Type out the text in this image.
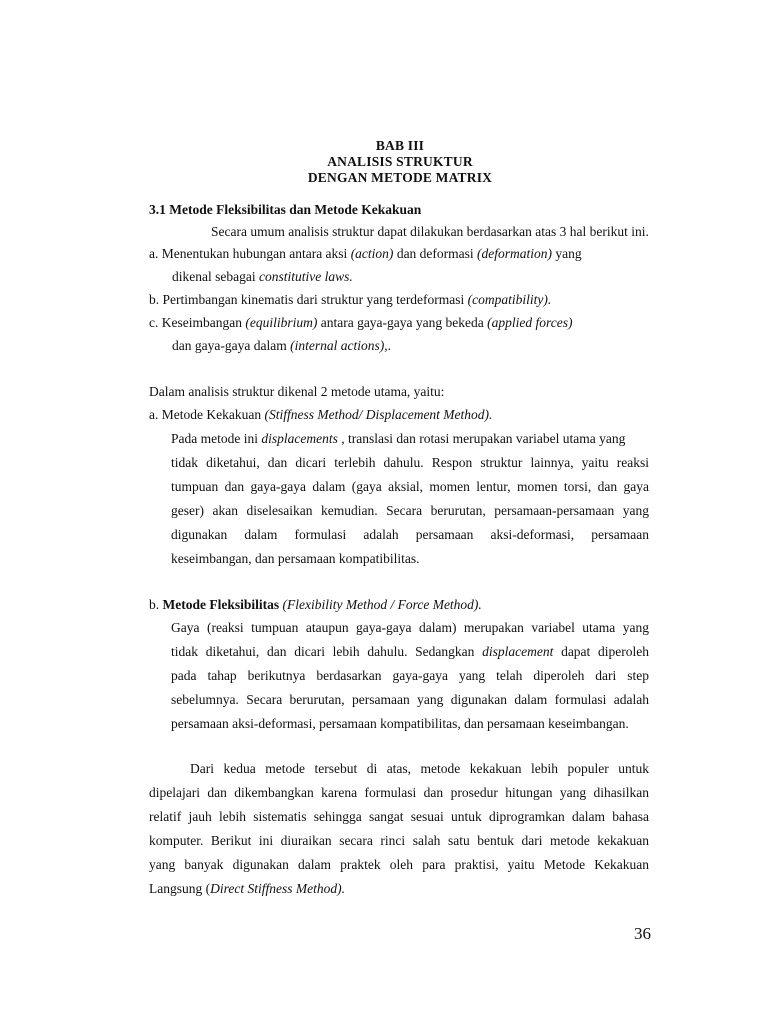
BAB III
ANALISIS STRUKTUR
DENGAN METODE MATRIX
3.1 Metode Fleksibilitas dan Metode Kekakuan
Secara umum analisis struktur dapat dilakukan berdasarkan atas 3 hal berikut ini.
a. Menentukan hubungan antara aksi (action) dan deformasi (deformation) yang
dikenal sebagai constitutive laws.
b. Pertimbangan kinematis dari struktur yang terdeformasi (compatibility).
c. Keseimbangan (equilibrium) antara gaya-gaya yang bekeda (applied forces)
dan gaya-gaya dalam (internal actions),.
Dalam analisis struktur dikenal 2 metode utama, yaitu:
a. Metode Kekakuan (Stiffness Method/ Displacement Method).
Pada metode ini displacements , translasi dan rotasi merupakan variabel utama yang
tidak diketahui, dan dicari terlebih dahulu. Respon struktur lainnya, yaitu reaksi
tumpuan dan gaya-gaya dalam (gaya aksial, momen lentur, momen torsi, dan gaya
geser) akan diselesaikan kemudian. Secara berurutan, persamaan-persamaan yang
digunakan dalam formulasi adalah persamaan aksi-deformasi, persamaan
keseimbangan, dan persamaan kompatibilitas.
b. Metode Fleksibilitas (Flexibility Method / Force Method).
Gaya (reaksi tumpuan ataupun gaya-gaya dalam) merupakan variabel utama yang
tidak diketahui, dan dicari lebih dahulu. Sedangkan displacement dapat diperoleh
pada tahap berikutnya berdasarkan gaya-gaya yang telah diperoleh dari step
sebelumnya. Secara berurutan, persamaan yang digunakan dalam formulasi adalah
persamaan aksi-deformasi, persamaan kompatibilitas, dan persamaan keseimbangan.
Dari kedua metode tersebut di atas, metode kekakuan lebih populer untuk
dipelajari dan dikembangkan karena formulasi dan prosedur hitungan yang dihasilkan
relatif jauh lebih sistematis sehingga sangat sesuai untuk diprogramkan dalam bahasa
komputer. Berikut ini diuraikan secara rinci salah satu bentuk dari metode kekakuan
yang banyak digunakan dalam praktek oleh para praktisi, yaitu Metode Kekakuan
Langsung (Direct Stiffness Method).
36
